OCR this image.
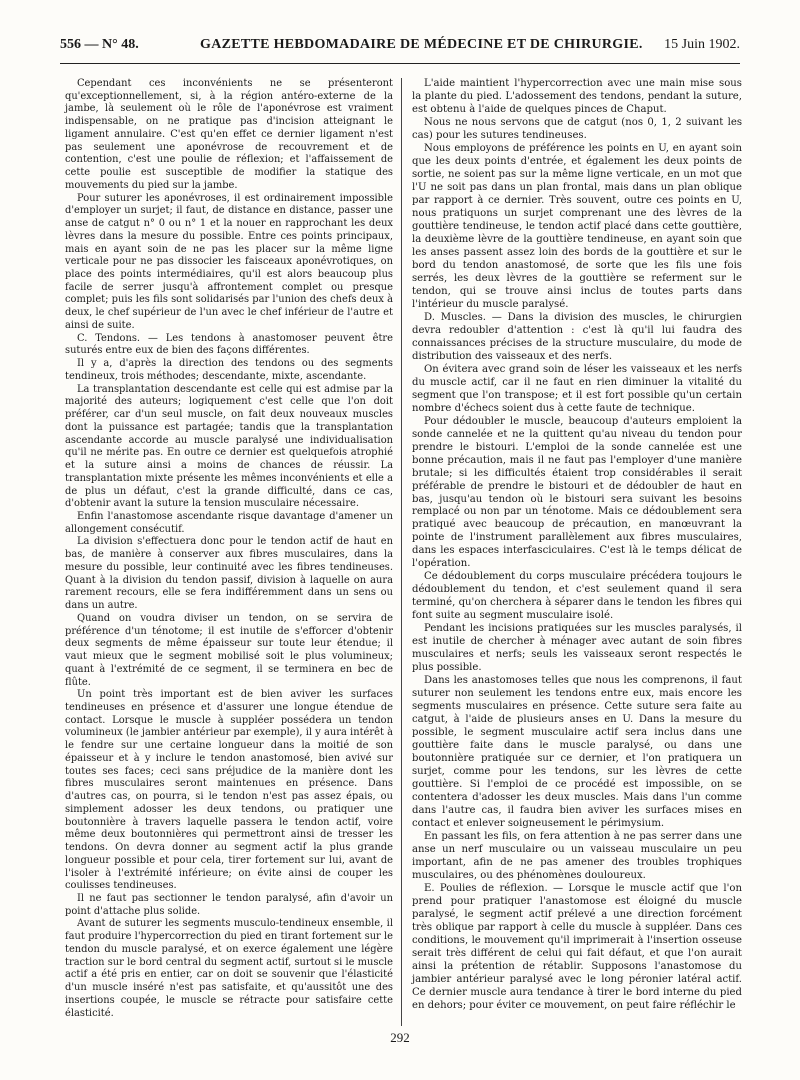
556 — N° 48.	GAZETTE HEBDOMADAIRE DE MÉDECINE ET DE CHIRURGIE. 15 Juin 1902.

Cependant ces inconvénients ne se présenteront qu'exceptionnellement, si, à la région antéro-externe de la jambe, là seulement où le rôle de l'aponévrose est vraiment indispensable, on ne pratique pas d'incision atteignant le ligament annulaire. C'est qu'en effet ce dernier ligament n'est pas seulement une aponévrose de recouvrement et de contention, c'est une poulie de réflexion; et l'affaissement de cette poulie est susceptible de modifier la statique des mouvements du pied sur la jambe.

Pour suturer les aponévroses, il est ordinairement impossible d'employer un surjet; il faut, de distance en distance, passer une anse de catgut n° 0 ou n° 1 et la nouer en rapprochant les deux lèvres dans la mesure du possible. Entre ces points principaux, mais en ayant soin de ne pas les placer sur la même ligne verticale pour ne pas dissocier les faisceaux aponévrotiques, on place des points intermédiaires, qu'il est alors beaucoup plus facile de serrer jusqu'à affrontement complet ou presque complet; puis les fils sont solidarisés par l'union des chefs deux à deux, le chef supérieur de l'un avec le chef inférieur de l'autre et ainsi de suite.

C. Tendons. — Les tendons à anastomoser peuvent être suturés entre eux de bien des façons différentes.

Il y a, d'après la direction des tendons ou des segments tendineux, trois méthodes; descendante, mixte, ascendante.

La transplantation descendante est celle qui est admise par la majorité des auteurs; logiquement c'est celle que l'on doit préférer, car d'un seul muscle, on fait deux nouveaux muscles dont la puissance est partagée; tandis que la transplantation ascendante accorde au muscle paralysé une individualisation qu'il ne mérite pas. En outre ce dernier est quelquefois atrophié et la suture ainsi a moins de chances de réussir. La transplantation mixte présente les mêmes inconvénients et elle a de plus un défaut, c'est la grande difficulté, dans ce cas, d'obtenir avant la suture la tension musculaire nécessaire.

Enfin l'anastomose ascendante risque davantage d'amener un allongement consécutif.

La division s'effectuera donc pour le tendon actif de haut en bas, de manière à conserver aux fibres musculaires, dans la mesure du possible, leur continuité avec les fibres tendineuses. Quant à la division du tendon passif, division à laquelle on aura rarement recours, elle se fera indifféremment dans un sens ou dans un autre.

Quand on voudra diviser un tendon, on se servira de préférence d'un ténotome; il est inutile de s'efforcer d'obtenir deux segments de même épaisseur sur toute leur étendue; il vaut mieux que le segment mobilisé soit le plus volumineux; quant à l'extrémité de ce segment, il se terminera en bec de flûte.

Un point très important est de bien aviver les surfaces tendineuses en présence et d'assurer une longue étendue de contact. Lorsque le muscle à suppléer possédera un tendon volumineux (le jambier antérieur par exemple), il y aura intérêt à le fendre sur une certaine longueur dans la moitié de son épaisseur et à y inclure le tendon anastomosé, bien avivé sur toutes ses faces; ceci sans préjudice de la manière dont les fibres musculaires seront maintenues en présence. Dans d'autres cas, on pourra, si le tendon n'est pas assez épais, ou simplement adosser les deux tendons, ou pratiquer une boutonnière à travers laquelle passera le tendon actif, voire même deux boutonnières qui permettront ainsi de tresser les tendons. On devra donner au segment actif la plus grande longueur possible et pour cela, tirer fortement sur lui, avant de l'isoler à l'extrémité inférieure; on évite ainsi de couper les coulisses tendineuses.

Il ne faut pas sectionner le tendon paralysé, afin d'avoir un point d'attache plus solide.

Avant de suturer les segments musculo-tendineux ensemble, il faut produire l'hypercorrection du pied en tirant fortement sur le tendon du muscle paralysé, et on exerce également une légère traction sur le bord central du segment actif, surtout si le muscle actif a été pris en entier, car on doit se souvenir que l'élasticité d'un muscle inséré n'est pas satisfaite, et qu'aussitôt une des insertions coupée, le muscle se rétracte pour satisfaire cette élasticité.

L'aide maintient l'hypercorrection avec une main mise sous la plante du pied. L'adossement des tendons, pendant la suture, est obtenu à l'aide de quelques pinces de Chaput.

Nous ne nous servons que de catgut (nos 0, 1, 2 suivant les cas) pour les sutures tendineuses.

Nous employons de préférence les points en U, en ayant soin que les deux points d'entrée, et également les deux points de sortie, ne soient pas sur la même ligne verticale, en un mot que l'U ne soit pas dans un plan frontal, mais dans un plan oblique par rapport à ce dernier. Très souvent, outre ces points en U, nous pratiquons un surjet comprenant une des lèvres de la gouttière tendineuse, le tendon actif placé dans cette gouttière, la deuxième lèvre de la gouttière tendineuse, en ayant soin que les anses passent assez loin des bords de la gouttière et sur le bord du tendon anastomosé, de sorte que les fils une fois serrés, les deux lèvres de la gouttière se referment sur le tendon, qui se trouve ainsi inclus de toutes parts dans l'intérieur du muscle paralysé.

D. Muscles. — Dans la division des muscles, le chirurgien devra redoubler d'attention : c'est là qu'il lui faudra des connaissances précises de la structure musculaire, du mode de distribution des vaisseaux et des nerfs.

On évitera avec grand soin de léser les vaisseaux et les nerfs du muscle actif, car il ne faut en rien diminuer la vitalité du segment que l'on transpose; et il est fort possible qu'un certain nombre d'échecs soient dus à cette faute de technique.

Pour dédoubler le muscle, beaucoup d'auteurs emploient la sonde cannelée et ne la quittent qu'au niveau du tendon pour prendre le bistouri. L'emploi de la sonde cannelée est une bonne précaution, mais il ne faut pas l'employer d'une manière brutale; si les difficultés étaient trop considérables il serait préférable de prendre le bistouri et de dédoubler de haut en bas, jusqu'au tendon où le bistouri sera suivant les besoins remplacé ou non par un ténotome. Mais ce dédoublement sera pratiqué avec beaucoup de précaution, en manœuvrant la pointe de l'instrument parallèlement aux fibres musculaires, dans les espaces interfasciculaires. C'est là le temps délicat de l'opération.

Ce dédoublement du corps musculaire précédera toujours le dédoublement du tendon, et c'est seulement quand il sera terminé, qu'on cherchera à séparer dans le tendon les fibres qui font suite au segment musculaire isolé.

Pendant les incisions pratiquées sur les muscles paralysés, il est inutile de chercher à ménager avec autant de soin fibres musculaires et nerfs; seuls les vaisseaux seront respectés le plus possible.

Dans les anastomoses telles que nous les comprenons, il faut suturer non seulement les tendons entre eux, mais encore les segments musculaires en présence. Cette suture sera faite au catgut, à l'aide de plusieurs anses en U. Dans la mesure du possible, le segment musculaire actif sera inclus dans une gouttière faite dans le muscle paralysé, ou dans une boutonnière pratiquée sur ce dernier, et l'on pratiquera un surjet, comme pour les tendons, sur les lèvres de cette gouttière. Si l'emploi de ce procédé est impossible, on se contentera d'adosser les deux muscles. Mais dans l'un comme dans l'autre cas, il faudra bien aviver les surfaces mises en contact et enlever soigneusement le périmysium.

En passant les fils, on fera attention à ne pas serrer dans une anse un nerf musculaire ou un vaisseau musculaire un peu important, afin de ne pas amener des troubles trophiques musculaires, ou des phénomènes douloureux.

E. Poulies de réflexion. — Lorsque le muscle actif que l'on prend pour pratiquer l'anastomose est éloigné du muscle paralysé, le segment actif prélevé a une direction forcément très oblique par rapport à celle du muscle à suppléer. Dans ces conditions, le mouvement qu'il imprimerait à l'insertion osseuse serait très différent de celui qui fait défaut, et que l'on aurait ainsi la prétention de rétablir. Supposons l'anastomose du jambier antérieur paralysé avec le long péronier latéral actif. Ce dernier muscle aura tendance à tirer le bord interne du pied en dehors; pour éviter ce mouvement, on peut faire réfléchir le

292
